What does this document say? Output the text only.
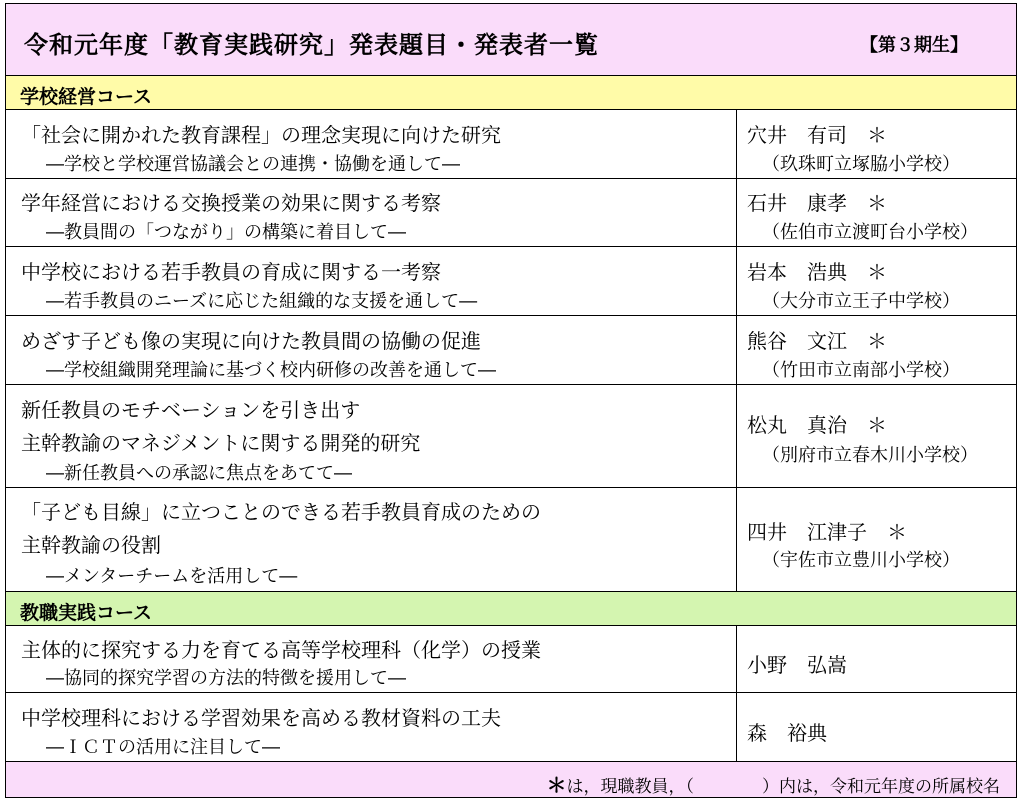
令和元年度「教育実践研究」発表題目・発表者一覧	【第３期生】
学校経営コース
「社会に開かれた教育課程」の理念実現に向けた研究
―学校と学校運営協議会との連携・協働を通して―
穴井　有司　＊
（玖珠町立塚脇小学校）
学年経営における交換授業の効果に関する考察
―教員間の「つながり」の構築に着目して―
石井　康孝　＊
（佐伯市立渡町台小学校）
中学校における若手教員の育成に関する一考察
―若手教員のニーズに応じた組織的な支援を通して―
岩本　浩典　＊
（大分市立王子中学校）
めざす子ども像の実現に向けた教員間の協働の促進
―学校組織開発理論に基づく校内研修の改善を通して―
熊谷　文江　＊
（竹田市立南部小学校）
新任教員のモチベーションを引き出す
主幹教諭のマネジメントに関する開発的研究
―新任教員への承認に焦点をあてて―
松丸　真治　＊
（別府市立春木川小学校）
「子ども目線」に立つことのできる若手教員育成のための
主幹教諭の役割
―メンターチームを活用して―
四井　江津子　＊
（宇佐市立豊川小学校）
教職実践コース
主体的に探究する力を育てる高等学校理科（化学）の授業
―協同的探究学習の方法的特徴を援用して―
小野　弘嵩
中学校理科における学習効果を高める教材資料の工夫
―ＩＣＴの活用に注目して―
森　裕典
＊は，現職教員，（　　　　）内は，令和元年度の所属校名
